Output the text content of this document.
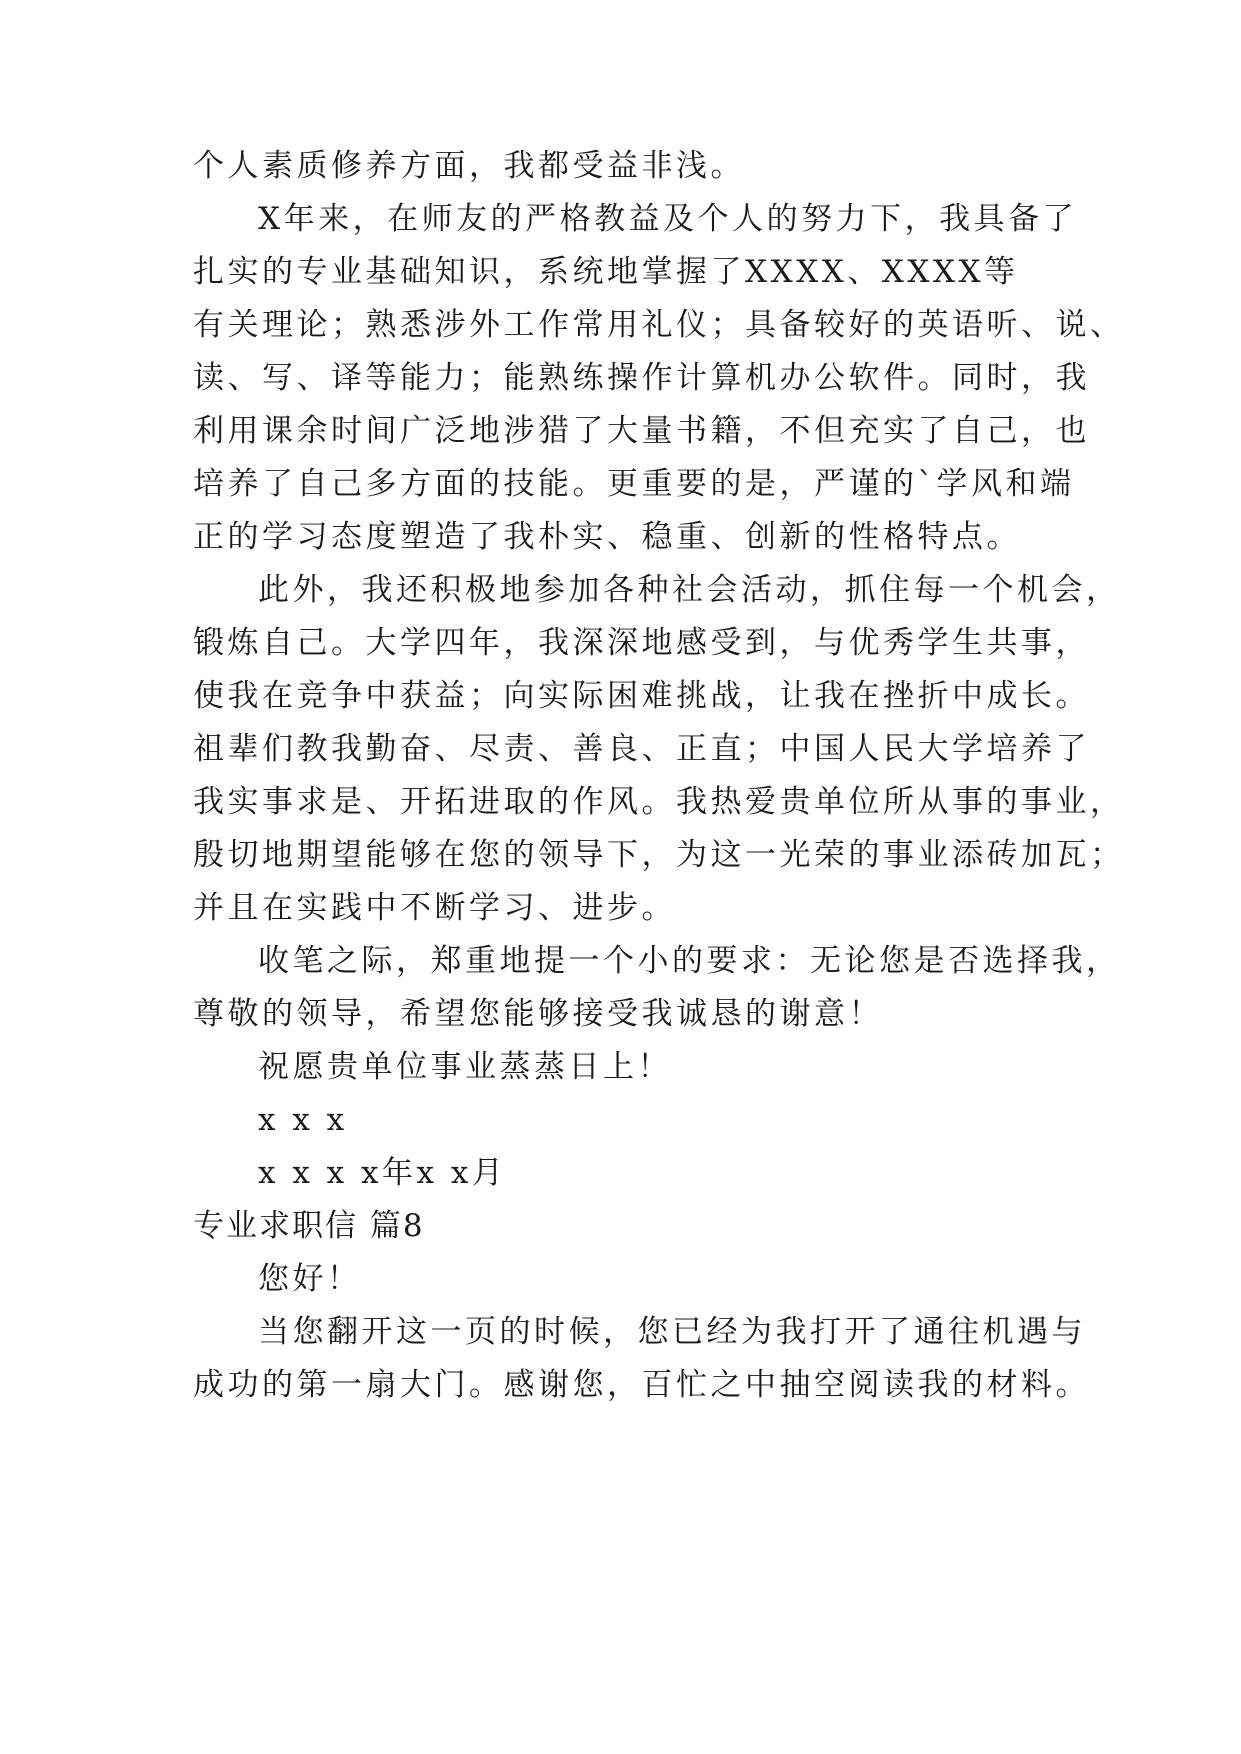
个人素质修养方面，我都受益非浅。
X年来，在师友的严格教益及个人的努力下，我具备了
扎实的专业基础知识，系统地掌握了XXXX、XXXX等
有关理论；熟悉涉外工作常用礼仪；具备较好的英语听、说、
读、写、译等能力；能熟练操作计算机办公软件。同时，我
利用课余时间广泛地涉猎了大量书籍，不但充实了自己，也
培养了自己多方面的技能。更重要的是，严谨的`学风和端
正的学习态度塑造了我朴实、稳重、创新的性格特点。
此外，我还积极地参加各种社会活动，抓住每一个机会，
锻炼自己。大学四年，我深深地感受到，与优秀学生共事，
使我在竞争中获益；向实际困难挑战，让我在挫折中成长。
祖辈们教我勤奋、尽责、善良、正直；中国人民大学培养了
我实事求是、开拓进取的作风。我热爱贵单位所从事的事业，
殷切地期望能够在您的领导下，为这一光荣的事业添砖加瓦；
并且在实践中不断学习、进步。
收笔之际，郑重地提一个小的要求：无论您是否选择我，
尊敬的领导，希望您能够接受我诚恳的谢意！
祝愿贵单位事业蒸蒸日上！
x x x
x x x x年x x月
专业求职信 篇8
您好！
当您翻开这一页的时候，您已经为我打开了通往机遇与
成功的第一扇大门。感谢您，百忙之中抽空阅读我的材料。
